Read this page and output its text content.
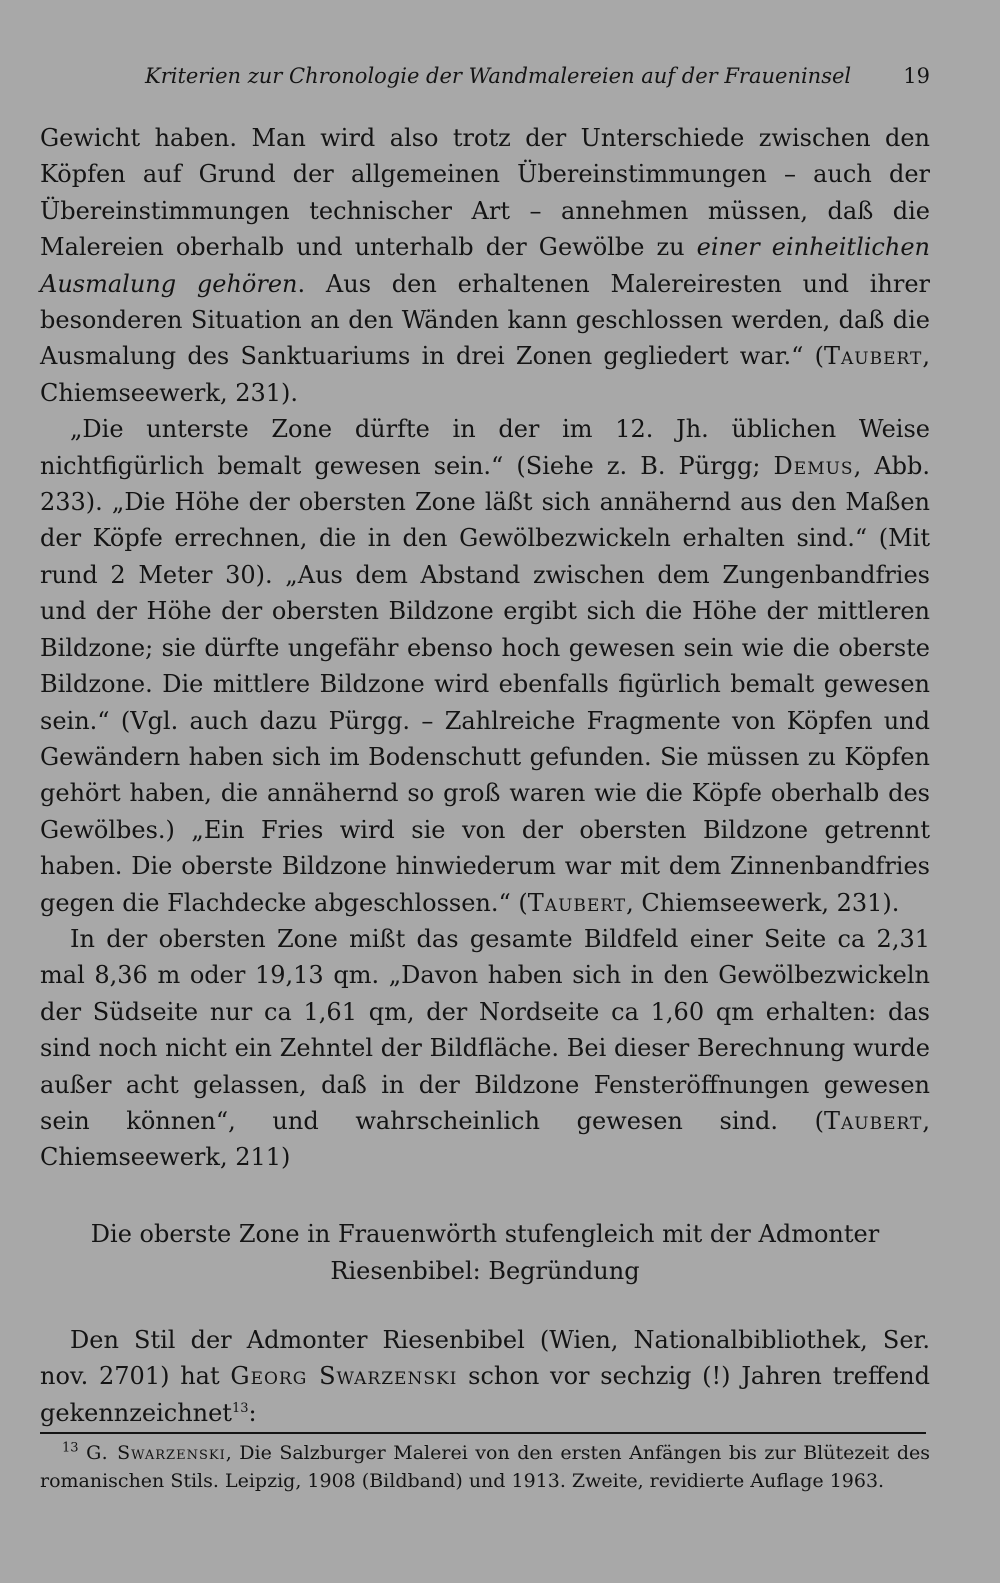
Kriterien zur Chronologie der Wandmalereien auf der Fraueninsel	19

Gewicht haben. Man wird also trotz der Unterschiede zwischen den Köpfen auf Grund der allgemeinen Übereinstimmungen – auch der Übereinstimmungen technischer Art – annehmen müssen, daß die Malereien oberhalb und unterhalb der Gewölbe zu einer einheitlichen Ausmalung gehören. Aus den erhaltenen Malereiresten und ihrer besonderen Situation an den Wänden kann geschlossen werden, daß die Ausmalung des Sanktuariums in drei Zonen gegliedert war.“ (Taubert, Chiemseewerk, 231).

„Die unterste Zone dürfte in der im 12. Jh. üblichen Weise nichtfigürlich bemalt gewesen sein.“ (Siehe z. B. Pürgg; Demus, Abb. 233). „Die Höhe der obersten Zone läßt sich annähernd aus den Maßen der Köpfe errechnen, die in den Gewölbezwickeln erhalten sind.“ (Mit rund 2 Meter 30). „Aus dem Abstand zwischen dem Zungenbandfries und der Höhe der obersten Bildzone ergibt sich die Höhe der mittleren Bildzone; sie dürfte ungefähr ebenso hoch gewesen sein wie die oberste Bildzone. Die mittlere Bildzone wird ebenfalls figürlich bemalt gewesen sein.“ (Vgl. auch dazu Pürgg. – Zahlreiche Fragmente von Köpfen und Gewändern haben sich im Bodenschutt gefunden. Sie müssen zu Köpfen gehört haben, die annähernd so groß waren wie die Köpfe oberhalb des Gewölbes.) „Ein Fries wird sie von der obersten Bildzone getrennt haben. Die oberste Bildzone hinwiederum war mit dem Zinnenbandfries gegen die Flachdecke abgeschlossen.“ (Taubert, Chiemseewerk, 231).

In der obersten Zone mißt das gesamte Bildfeld einer Seite ca 2,31 mal 8,36 m oder 19,13 qm. „Davon haben sich in den Gewölbezwickeln der Südseite nur ca 1,61 qm, der Nordseite ca 1,60 qm erhalten: das sind noch nicht ein Zehntel der Bildfläche. Bei dieser Berechnung wurde außer acht gelassen, daß in der Bildzone Fensteröffnungen gewesen sein können“, und wahrscheinlich gewesen sind. (Taubert, Chiemseewerk, 211)

Die oberste Zone in Frauenwörth stufengleich mit der Admonter
Riesenbibel: Begründung

Den Stil der Admonter Riesenbibel (Wien, Nationalbibliothek, Ser. nov. 2701) hat Georg Swarzenski schon vor sechzig (!) Jahren treffend gekennzeichnet$^{13}$:

$^{13}$ G. Swarzenski, Die Salzburger Malerei von den ersten Anfängen bis zur Blütezeit des romanischen Stils. Leipzig, 1908 (Bildband) und 1913. Zweite, revidierte Auflage 1963.
